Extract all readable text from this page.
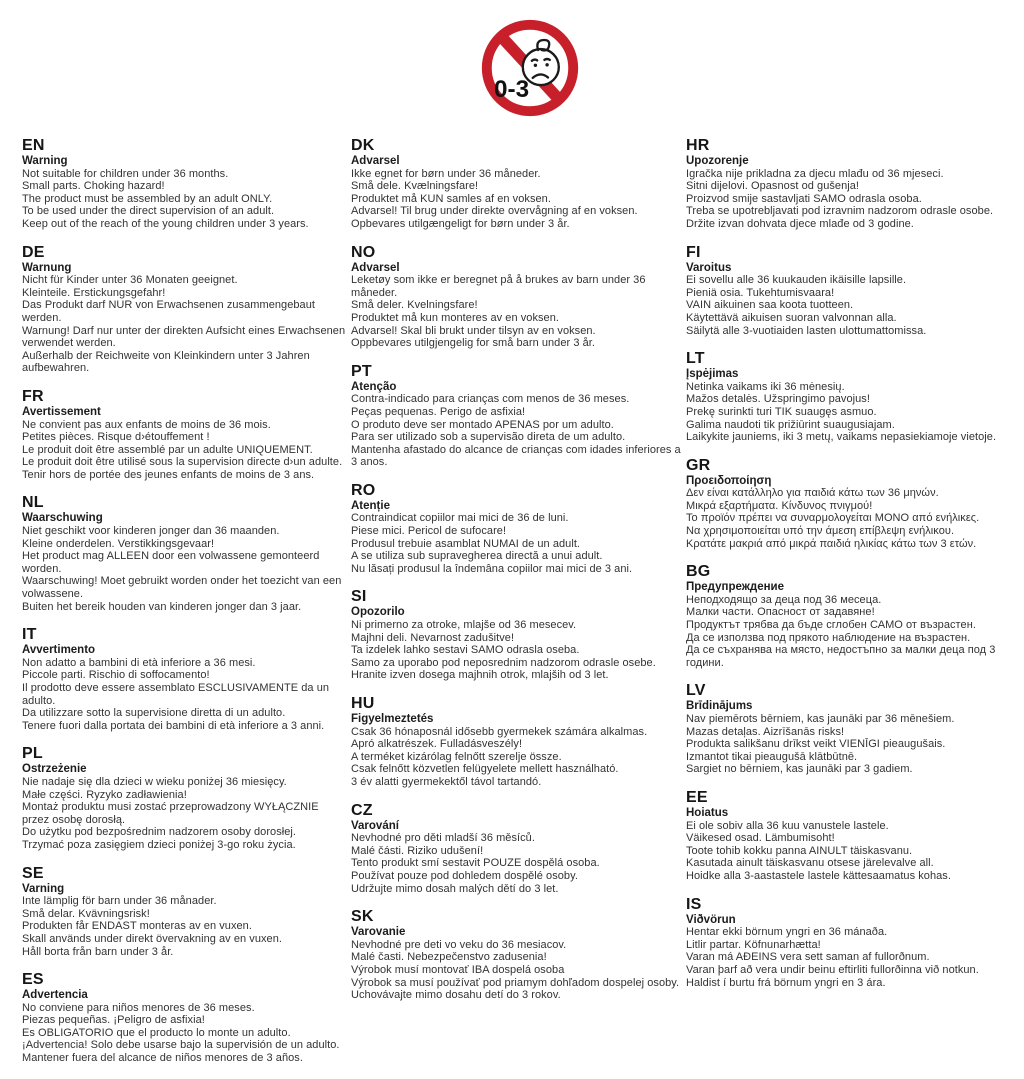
0-3
EN
Warning
Not suitable for children under 36 months.
Small parts. Choking hazard!
The product must be assembled by an adult ONLY.
To be used under the direct supervision of an adult.
Keep out of the reach of the young children under 3 years.
DE
Warnung
Nicht für Kinder unter 36 Monaten geeignet.
Kleinteile. Erstickungsgefahr!
Das Produkt darf NUR von Erwachsenen zusammengebaut werden.
Warnung! Darf nur unter der direkten Aufsicht eines Erwachsenen verwendet werden.
Außerhalb der Reichweite von Kleinkindern unter 3 Jahren aufbewahren.
FR
Avertissement
Ne convient pas aux enfants de moins de 36 mois.
Petites pièces. Risque d›étouffement !
Le produit doit être assemblé par un adulte UNIQUEMENT.
Le produit doit être utilisé sous la supervision directe d›un adulte.
Tenir hors de portée des jeunes enfants de moins de 3 ans.
NL
Waarschuwing
Niet geschikt voor kinderen jonger dan 36 maanden.
Kleine onderdelen. Verstikkingsgevaar!
Het product mag ALLEEN door een volwassene gemonteerd worden.
Waarschuwing! Moet gebruikt worden onder het toezicht van een volwassene.
Buiten het bereik houden van kinderen jonger dan 3 jaar.
IT
Avvertimento
Non adatto a bambini di età inferiore a 36 mesi.
Piccole parti. Rischio di soffocamento!
Il prodotto deve essere assemblato ESCLUSIVAMENTE da un adulto.
Da utilizzare sotto la supervisione diretta di un adulto.
Tenere fuori dalla portata dei bambini di età inferiore a 3 anni.
PL
Ostrzeżenie
Nie nadaje się dla dzieci w wieku poniżej 36 miesięcy.
Małe części. Ryzyko zadławienia!
Montaż produktu musi zostać przeprowadzony WYŁĄCZNIE przez osobę dorosłą.
Do użytku pod bezpośrednim nadzorem osoby dorosłej.
Trzymać poza zasięgiem dzieci poniżej 3-go roku życia.
SE
Varning
Inte lämplig för barn under 36 månader.
Små delar. Kvävningsrisk!
Produkten får ENDAST monteras av en vuxen.
Skall används under direkt övervakning av en vuxen.
Håll borta från barn under 3 år.
ES
Advertencia
No conviene para niños menores de 36 meses.
Piezas pequeñas. ¡Peligro de asfixia!
Es OBLIGATORIO que el producto lo monte un adulto.
¡Advertencia! Solo debe usarse bajo la supervisión de un adulto.
Mantener fuera del alcance de niños menores de 3 años.
DK
Advarsel
Ikke egnet for børn under 36 måneder.
Små dele. Kvælningsfare!
Produktet må KUN samles af en voksen.
Advarsel! Til brug under direkte overvågning af en voksen.
Opbevares utilgængeligt for børn under 3 år.
NO
Advarsel
Leketøy som ikke er beregnet på å brukes av barn under 36 måneder.
Små deler. Kvelningsfare!
Produktet må kun monteres av en voksen.
Advarsel! Skal bli brukt under tilsyn av en voksen.
Oppbevares utilgjengelig for små barn under 3 år.
PT
Atenção
Contra-indicado para crianças com menos de 36 meses.
Peças pequenas. Perigo de asfixia!
O produto deve ser montado APENAS por um adulto.
Para ser utilizado sob a supervisão direta de um adulto.
Mantenha afastado do alcance de crianças com idades inferiores a 3 anos.
RO
Atenție
Contraindicat copiilor mai mici de 36 de luni.
Piese mici. Pericol de sufocare!
Produsul trebuie asamblat NUMAI de un adult.
A se utiliza sub supravegherea directă a unui adult.
Nu lăsați produsul la îndemâna copiilor mai mici de 3 ani.
SI
Opozorilo
Ni primerno za otroke, mlajše od 36 mesecev.
Majhni deli. Nevarnost zadušitve!
Ta izdelek lahko sestavi SAMO odrasla oseba.
Samo za uporabo pod neposrednim nadzorom odrasle osebe.
Hranite izven dosega majhnih otrok, mlajših od 3 let.
HU
Figyelmeztetés
Csak 36 hónaposnál idősebb gyermekek számára alkalmas.
Apró alkatrészek. Fulladásveszély!
A terméket kizárólag felnőtt szerelje össze.
Csak felnőtt közvetlen felügyelete mellett használható.
3 év alatti gyermekektől távol tartandó.
CZ
Varování
Nevhodné pro děti mladší 36 měsíců.
Malé části. Riziko udušení!
Tento produkt smí sestavit POUZE dospělá osoba.
Používat pouze pod dohledem dospělé osoby.
Udržujte mimo dosah malých dětí do 3 let.
SK
Varovanie
Nevhodné pre deti vo veku do 36 mesiacov.
Malé časti. Nebezpečenstvo zadusenia!
Výrobok musí montovať IBA dospelá osoba
Výrobok sa musí používať pod priamym dohľadom dospelej osoby.
Uchovávajte mimo dosahu detí do 3 rokov.
HR
Upozorenje
Igračka nije prikladna za djecu mlađu od 36 mjeseci.
Sitni dijelovi. Opasnost od gušenja!
Proizvod smije sastavljati SAMO odrasla osoba.
Treba se upotrebljavati pod izravnim nadzorom odrasle osobe.
Držite izvan dohvata djece mlađe od 3 godine.
FI
Varoitus
Ei sovellu alle 36 kuukauden ikäisille lapsille.
Pieniä osia. Tukehtumisvaara!
VAIN aikuinen saa koota tuotteen.
Käytettävä aikuisen suoran valvonnan alla.
Säilytä alle 3-vuotiaiden lasten ulottumattomissa.
LT
Įspėjimas
Netinka vaikams iki 36 mėnesių.
Mažos detalės. Užspringimo pavojus!
Prekę surinkti turi TIK suaugęs asmuo.
Galima naudoti tik prižiūrint suaugusiajam.
Laikykite jauniems, iki 3 metų, vaikams nepasiekiamoje vietoje.
GR
Προειδοποίηση
Δεν είναι κατάλληλο για παιδιά κάτω των 36 μηνών.
Μικρά εξαρτήματα. Κίνδυνος πνιγμού!
Το προϊόν πρέπει να συναρμολογείται ΜΟΝΟ από ενήλικες.
Να χρησιμοποιείται υπό την άμεση επίβλεψη ενήλικου.
Κρατάτε μακριά από μικρά παιδιά ηλικίας κάτω των 3 ετών.
BG
Предупреждение
Неподходящо за деца под 36 месеца.
Малки части. Опасност от задавяне!
Продуктът трябва да бъде сглобен САМО от възрастен.
Да се използва под прякото наблюдение на възрастен.
Да се съхранява на място, недостъпно за малки деца под 3 години.
LV
Brīdinājums
Nav piemērots bērniem, kas jaunāki par 36 mēnešiem.
Mazas detaļas. Aizrīšanās risks!
Produkta salikšanu drīkst veikt VIENĪGI pieaugušais.
Izmantot tikai pieaugušā klātbūtnē.
Sargiet no bērniem, kas jaunāki par 3 gadiem.
EE
Hoiatus
Ei ole sobiv alla 36 kuu vanustele lastele.
Väikesed osad. Lämbumisoht!
Toote tohib kokku panna AINULT täiskasvanu.
Kasutada ainult täiskasvanu otsese järelevalve all.
Hoidke alla 3-aastastele lastele kättesaamatus kohas.
IS
Viðvörun
Hentar ekki börnum yngri en 36 mánaða.
Litlir partar. Köfnunarhætta!
Varan má AÐEINS vera sett saman af fullorðnum.
Varan þarf að vera undir beinu eftirliti fullorðinna við notkun.
Haldist í burtu frá börnum yngri en 3 ára.
